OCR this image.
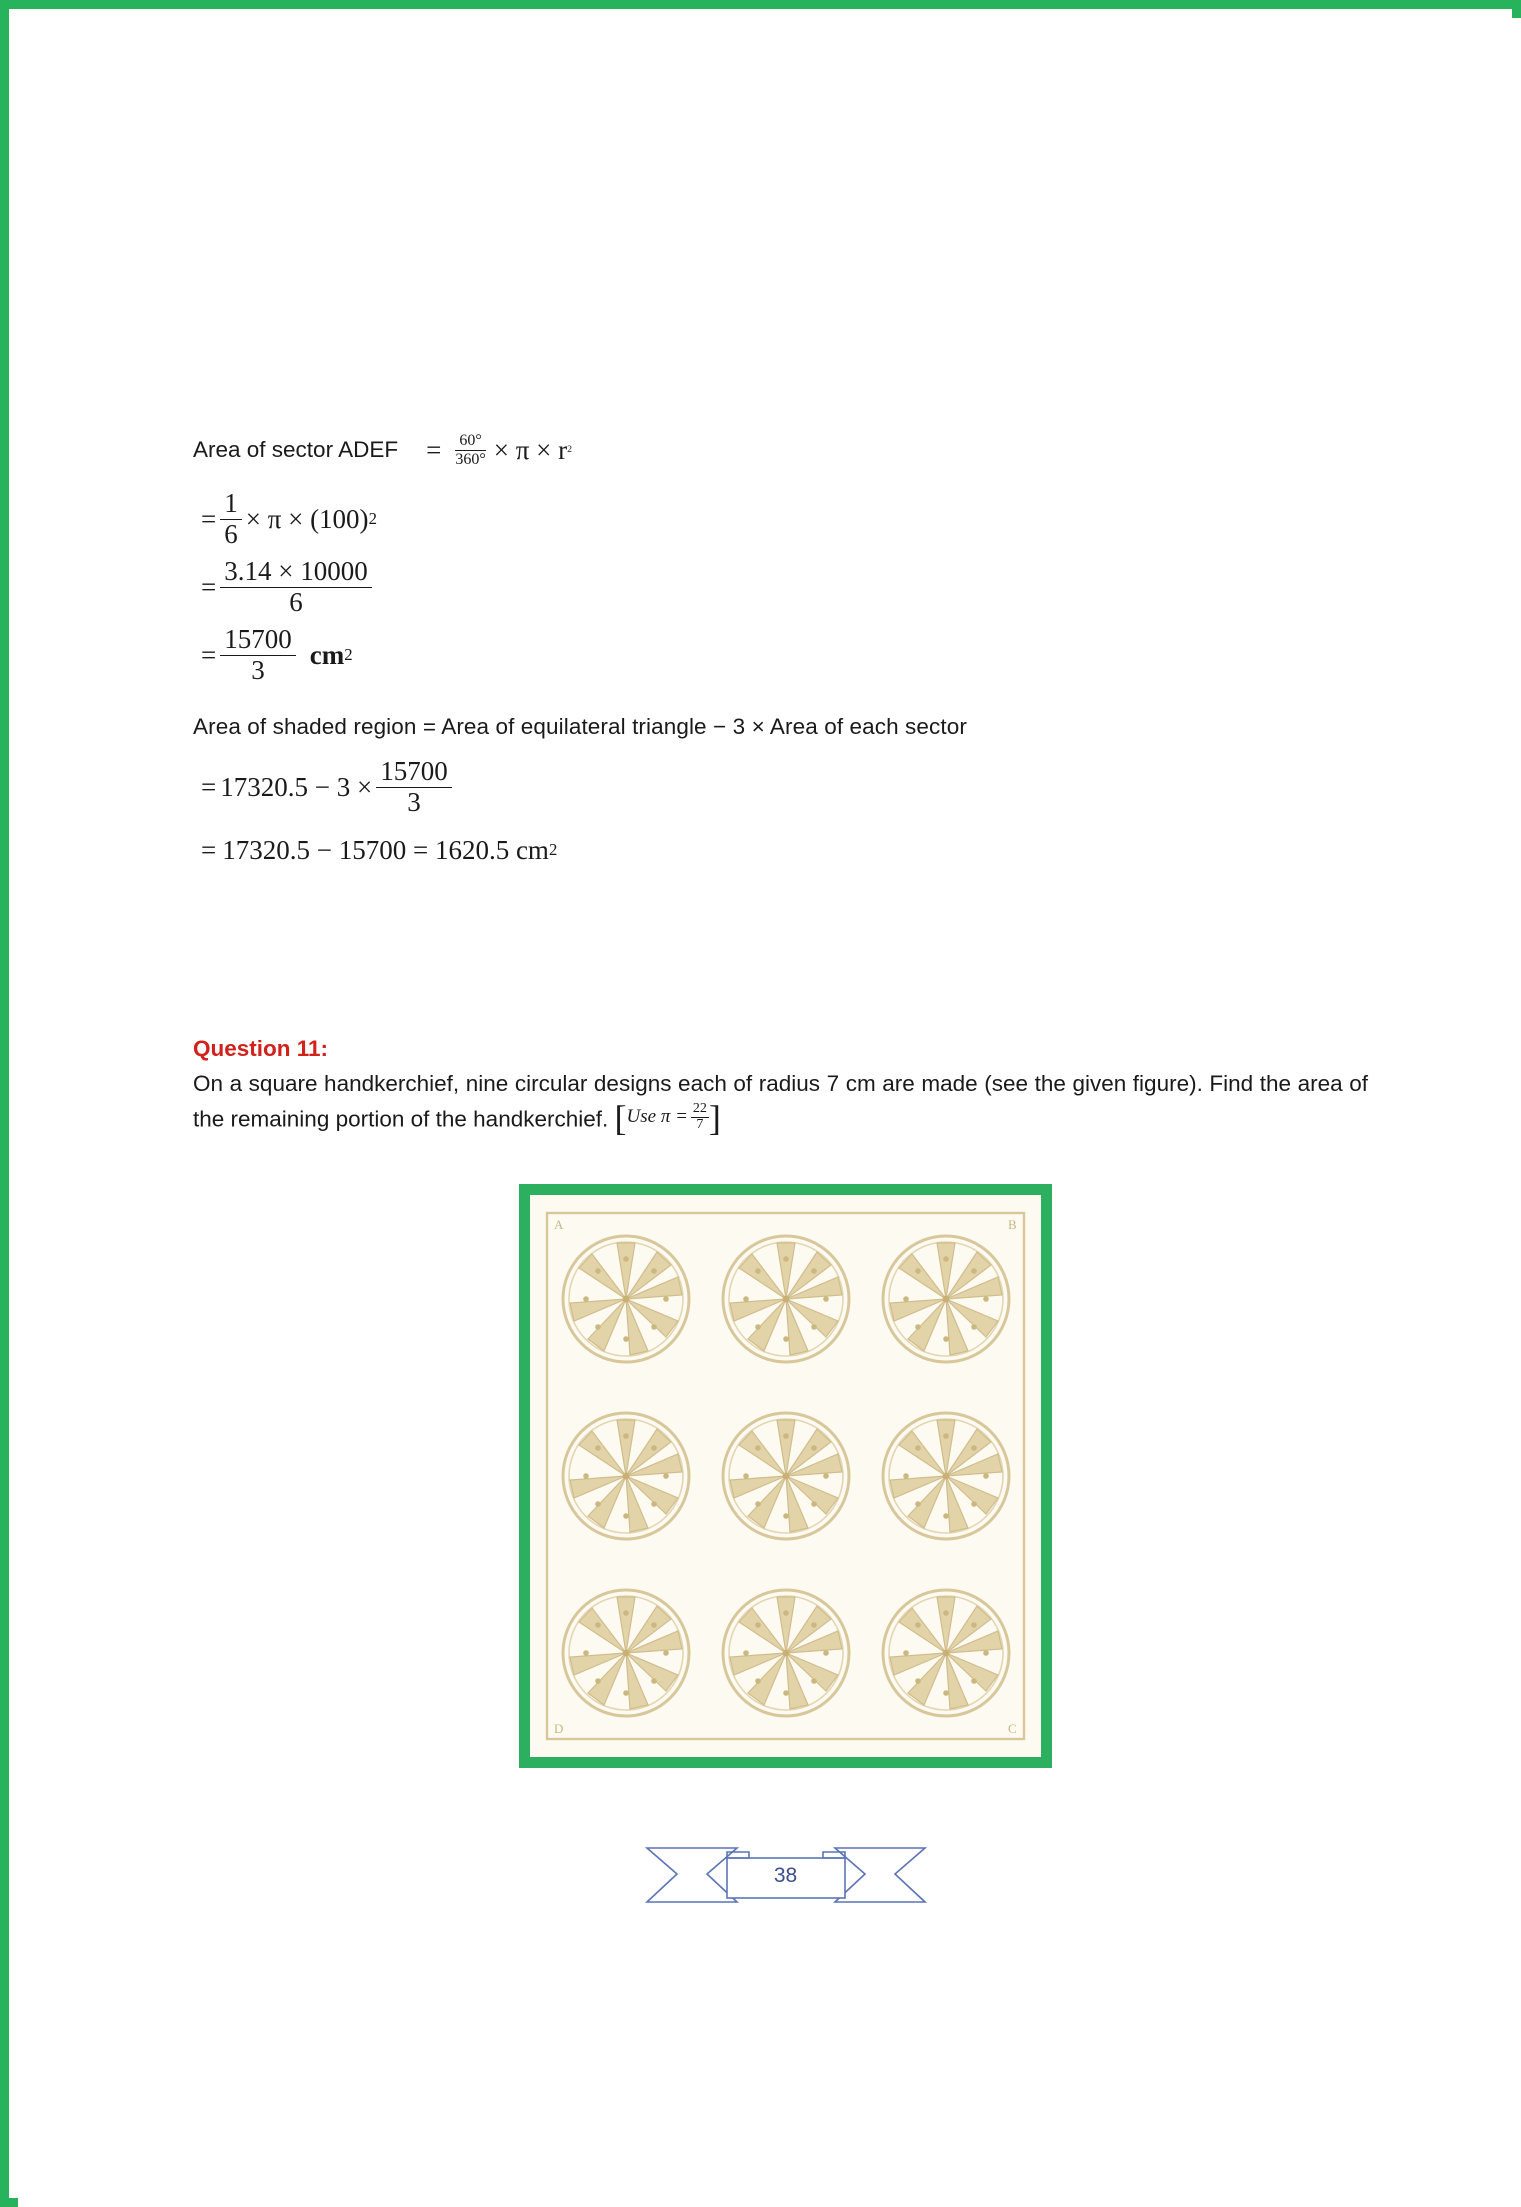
Area of sector ADEF = $\frac{60^\circ}{360^\circ} \times \pi \times r$ 2
= $\frac{1}{6} \times \pi \times (100)$ 2
= $\frac{3.14 \times 10000}{6}$
= $\frac{15700}{3}$ cm 2
Area of shaded region = Area of equilateral triangle − 3 × Area of each sector
= $17320.5 - 3 \times \frac{15700}{3}$
= 17320.5 − 15700 = 1620.5 cm 2
Question 11:
On a square handkerchief, nine circular designs each of radius 7 cm are made (see the given figure). Find the area of the remaining portion of the handkerchief. [ Use $\pi = \frac{22}{7}$ ]
A	B
D	C
38
